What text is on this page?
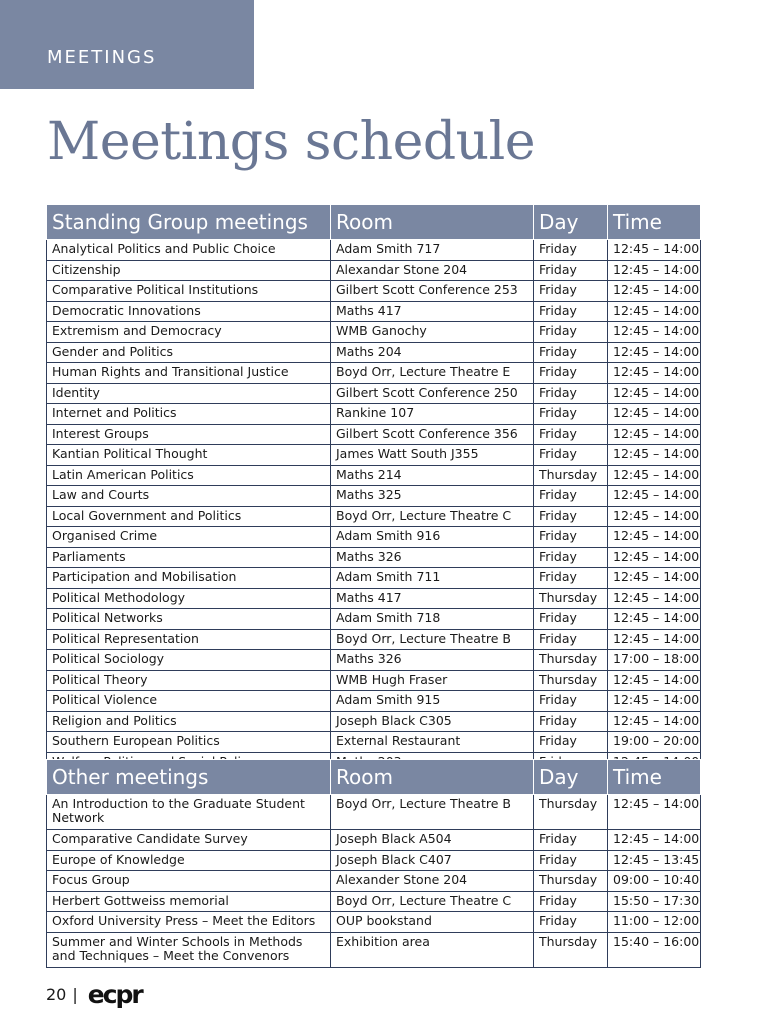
MEETINGS
Meetings schedule
Standing Group meetings	Room	Day	Time
Analytical Politics and Public Choice	Adam Smith 717	Friday	12:45 – 14:00
Citizenship	Alexandar Stone 204	Friday	12:45 – 14:00
Comparative Political Institutions	Gilbert Scott Conference 253	Friday	12:45 – 14:00
Democratic Innovations	Maths 417	Friday	12:45 – 14:00
Extremism and Democracy	WMB Ganochy	Friday	12:45 – 14:00
Gender and Politics	Maths 204	Friday	12:45 – 14:00
Human Rights and Transitional Justice	Boyd Orr, Lecture Theatre E	Friday	12:45 – 14:00
Identity	Gilbert Scott Conference 250	Friday	12:45 – 14:00
Internet and Politics	Rankine 107	Friday	12:45 – 14:00
Interest Groups	Gilbert Scott Conference 356	Friday	12:45 – 14:00
Kantian Political Thought	James Watt South J355	Friday	12:45 – 14:00
Latin American Politics	Maths 214	Thursday	12:45 – 14:00
Law and Courts	Maths 325	Friday	12:45 – 14:00
Local Government and Politics	Boyd Orr, Lecture Theatre C	Friday	12:45 – 14:00
Organised Crime	Adam Smith 916	Friday	12:45 – 14:00
Parliaments	Maths 326	Friday	12:45 – 14:00
Participation and Mobilisation	Adam Smith 711	Friday	12:45 – 14:00
Political Methodology	Maths 417	Thursday	12:45 – 14:00
Political Networks	Adam Smith 718	Friday	12:45 – 14:00
Political Representation	Boyd Orr, Lecture Theatre B	Friday	12:45 – 14:00
Political Sociology	Maths 326	Thursday	17:00 – 18:00
Political Theory	WMB Hugh Fraser	Thursday	12:45 – 14:00
Political Violence	Adam Smith 915	Friday	12:45 – 14:00
Religion and Politics	Joseph Black C305	Friday	12:45 – 14:00
Southern European Politics	External Restaurant	Friday	19:00 – 20:00

Other meetings	Room	Day	Time
An Introduction to the Graduate Student Network	Boyd Orr, Lecture Theatre B	Thursday	12:45 – 14:00
Comparative Candidate Survey	Joseph Black A504	Friday	12:45 – 14:00
Europe of Knowledge	Joseph Black C407	Friday	12:45 – 13:45
Focus Group	Alexander Stone 204	Thursday	09:00 – 10:40
Herbert Gottweiss memorial	Boyd Orr, Lecture Theatre C	Friday	15:50 – 17:30
Oxford University Press – Meet the Editors	OUP bookstand	Friday	11:00 – 12:00
Summer and Winter Schools in Methods and Techniques – Meet the Convenors	Exhibition area	Thursday	15:40 – 16:00
20 | ecpr
